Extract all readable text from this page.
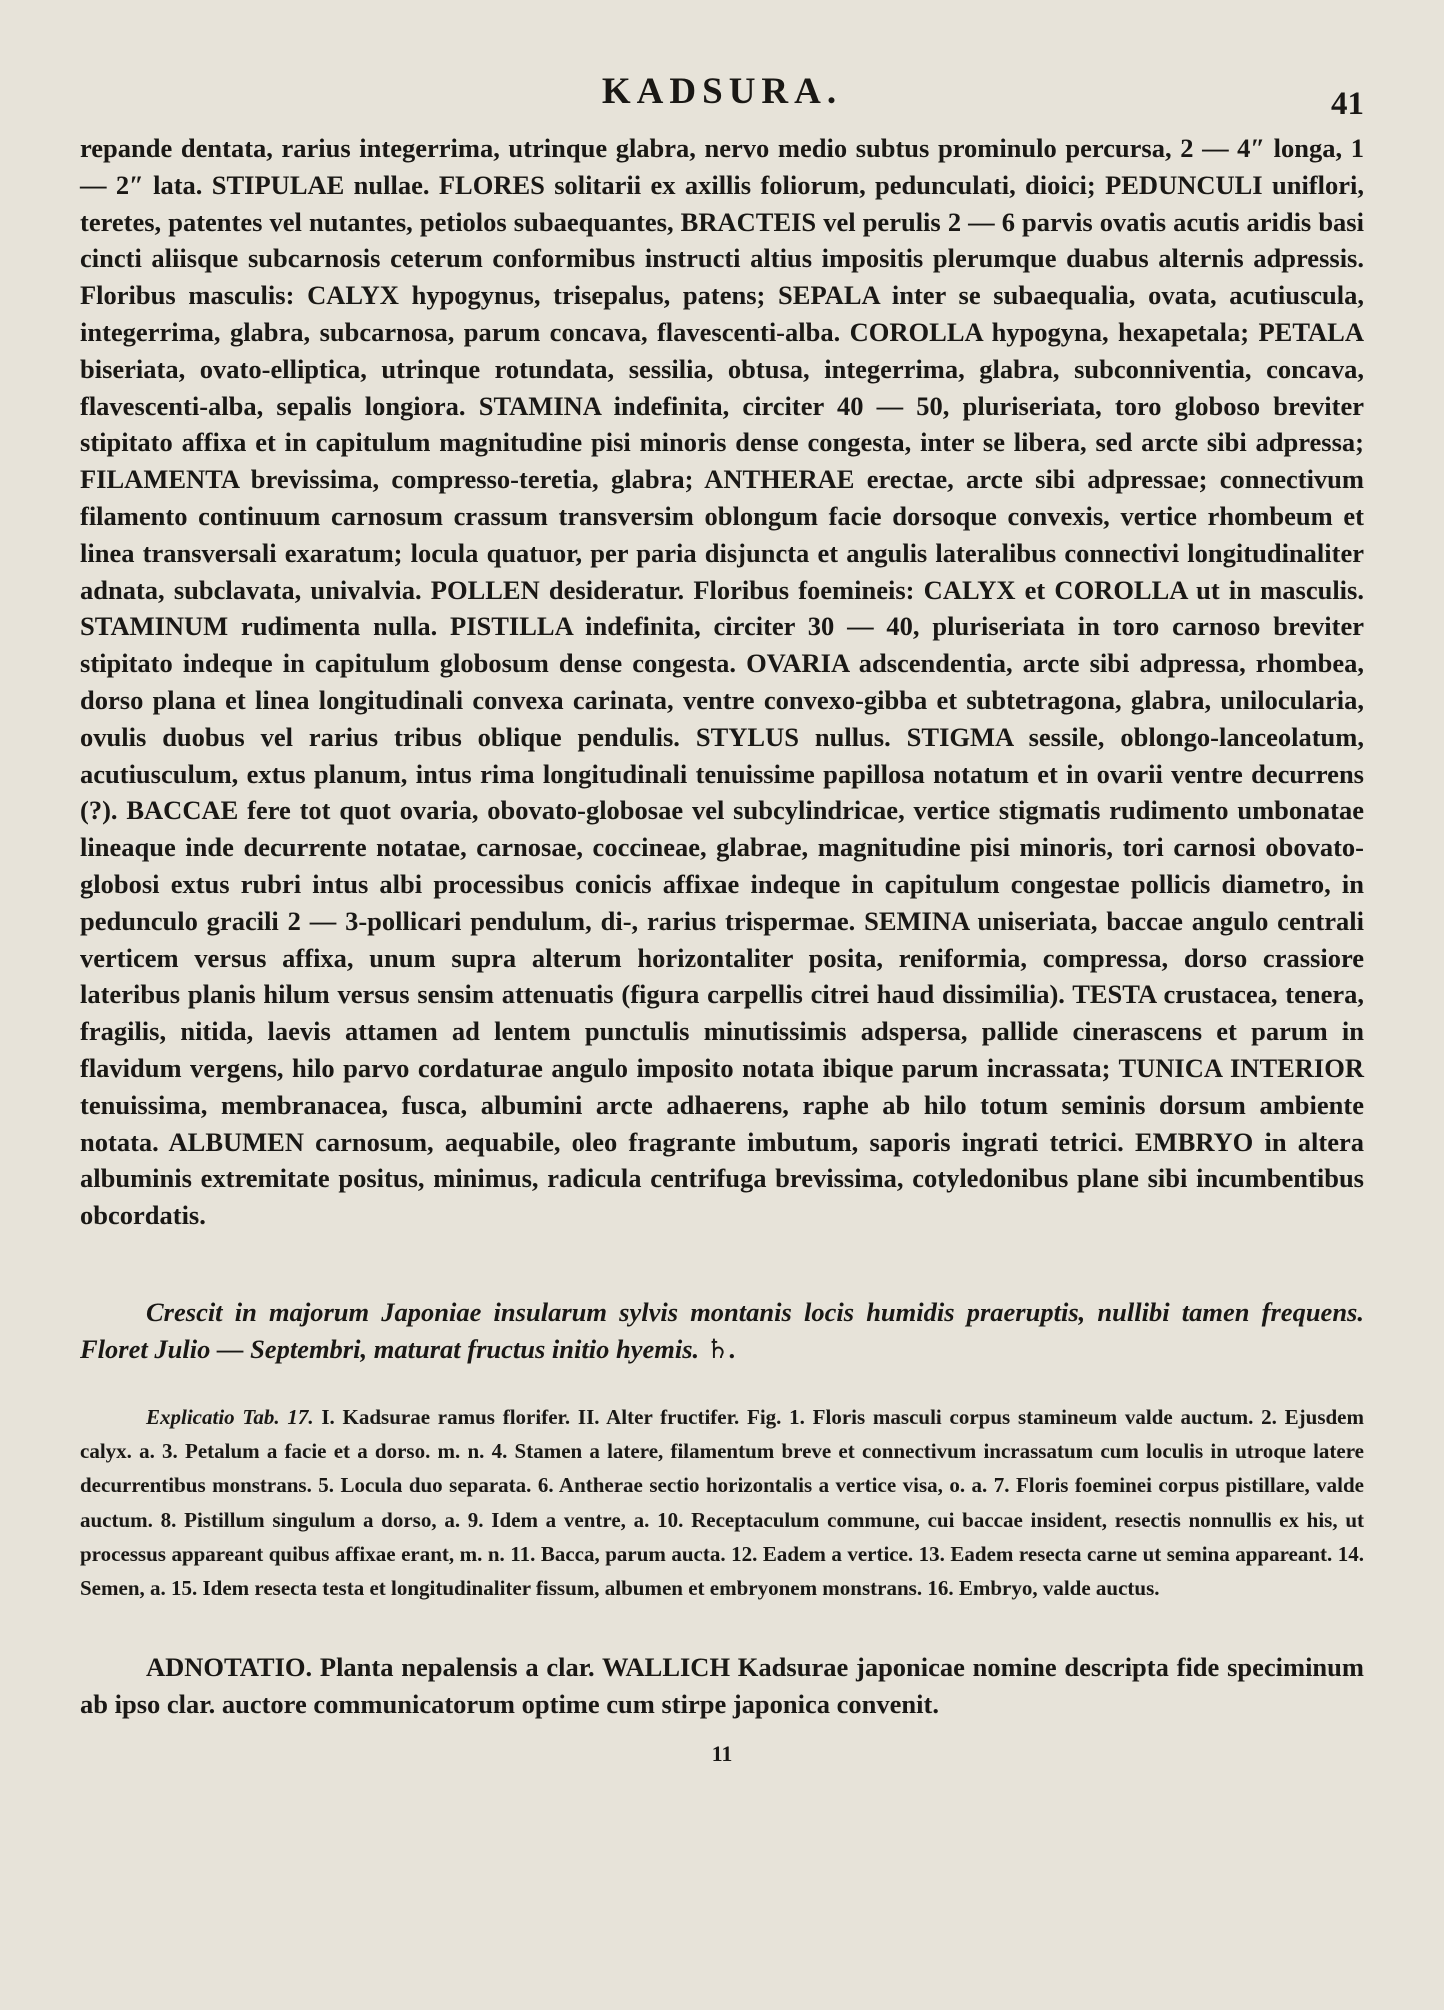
KADSURA.	41

repande dentata, rarius integerrima, utrinque glabra, nervo medio subtus prominulo percursa, 2 — 4″ longa, 1 — 2″ lata. STIPULAE nullae. FLORES solitarii ex axillis foliorum, pedunculati, dioici; PEDUNCULI uniflori, teretes, patentes vel nutantes, petiolos subaequantes, BRACTEIS vel perulis 2 — 6 parvis ovatis acutis aridis basi cincti aliisque subcarnosis ceterum conformibus instructi altius impositis plerumque duabus alternis adpressis. Floribus masculis: CALYX hypogynus, trisepalus, patens; SEPALA inter se subaequalia, ovata, acutiuscula, integerrima, glabra, subcarnosa, parum concava, flavescenti-alba. COROLLA hypogyna, hexapetala; PETALA biseriata, ovato-elliptica, utrinque rotundata, sessilia, obtusa, integerrima, glabra, subconniventia, concava, flavescenti-alba, sepalis longiora. STAMINA indefinita, circiter 40 — 50, pluriseriata, toro globoso breviter stipitato affixa et in capitulum magnitudine pisi minoris dense congesta, inter se libera, sed arcte sibi adpressa; FILAMENTA brevissima, compresso-teretia, glabra; ANTHERAE erectae, arcte sibi adpressae; connectivum filamento continuum carnosum crassum transversim oblongum facie dorsoque convexis, vertice rhombeum et linea transversali exaratum; locula quatuor, per paria disjuncta et angulis lateralibus connectivi longitudinaliter adnata, subclavata, univalvia. POLLEN desideratur. Floribus foemineis: CALYX et COROLLA ut in masculis. STAMINUM rudimenta nulla. PISTILLA indefinita, circiter 30 — 40, pluriseriata in toro carnoso breviter stipitato indeque in capitulum globosum dense congesta. OVARIA adscendentia, arcte sibi adpressa, rhombea, dorso plana et linea longitudinali convexa carinata, ventre convexo-gibba et subtetragona, glabra, unilocularia, ovulis duobus vel rarius tribus oblique pendulis. STYLUS nullus. STIGMA sessile, oblongo-lanceolatum, acutiusculum, extus planum, intus rima longitudinali tenuissime papillosa notatum et in ovarii ventre decurrens (?). BACCAE fere tot quot ovaria, obovato-globosae vel subcylindricae, vertice stigmatis rudimento umbonatae lineaque inde decurrente notatae, carnosae, coccineae, glabrae, magnitudine pisi minoris, tori carnosi obovato-globosi extus rubri intus albi processibus conicis affixae indeque in capitulum congestae pollicis diametro, in pedunculo gracili 2 — 3-pollicari pendulum, di-, rarius trispermae. SEMINA uniseriata, baccae angulo centrali verticem versus affixa, unum supra alterum horizontaliter posita, reniformia, compressa, dorso crassiore lateribus planis hilum versus sensim attenuatis (figura carpellis citrei haud dissimilia). TESTA crustacea, tenera, fragilis, nitida, laevis attamen ad lentem punctulis minutissimis adspersa, pallide cinerascens et parum in flavidum vergens, hilo parvo cordaturae angulo imposito notata ibique parum incrassata; TUNICA INTERIOR tenuissima, membranacea, fusca, albumini arcte adhaerens, raphe ab hilo totum seminis dorsum ambiente notata. ALBUMEN carnosum, aequabile, oleo fragrante imbutum, saporis ingrati tetrici. EMBRYO in altera albuminis extremitate positus, minimus, radicula centrifuga brevissima, cotyledonibus plane sibi incumbentibus obcordatis.

Crescit in majorum Japoniae insularum sylvis montanis locis humidis praeruptis, nullibi tamen frequens. Floret Julio — Septembri, maturat fructus initio hyemis. ♄.
Explicatio Tab. 17. I. Kadsurae ramus florifer. II. Alter fructifer. Fig. 1. Floris masculi corpus stamineum valde auctum. 2. Ejusdem calyx. a. 3. Petalum a facie et a dorso. m. n. 4. Stamen a latere, filamentum breve et connectivum incrassatum cum loculis in utroque latere decurrentibus monstrans. 5. Locula duo separata. 6. Antherae sectio horizontalis a vertice visa, o. a. 7. Floris foeminei corpus pistillare, valde auctum. 8. Pistillum singulum a dorso, a. 9. Idem a ventre, a. 10. Receptaculum commune, cui baccae insident, resectis nonnullis ex his, ut processus appareant quibus affixae erant, m. n. 11. Bacca, parum aucta. 12. Eadem a vertice. 13. Eadem resecta carne ut semina appareant. 14. Semen, a. 15. Idem resecta testa et longitudinaliter fissum, albumen et embryonem monstrans. 16. Embryo, valde auctus.
ADNOTATIO. Planta nepalensis a clar. WALLICH Kadsurae japonicae nomine descripta fide speciminum ab ipso clar. auctore communicatorum optime cum stirpe japonica convenit.
11
